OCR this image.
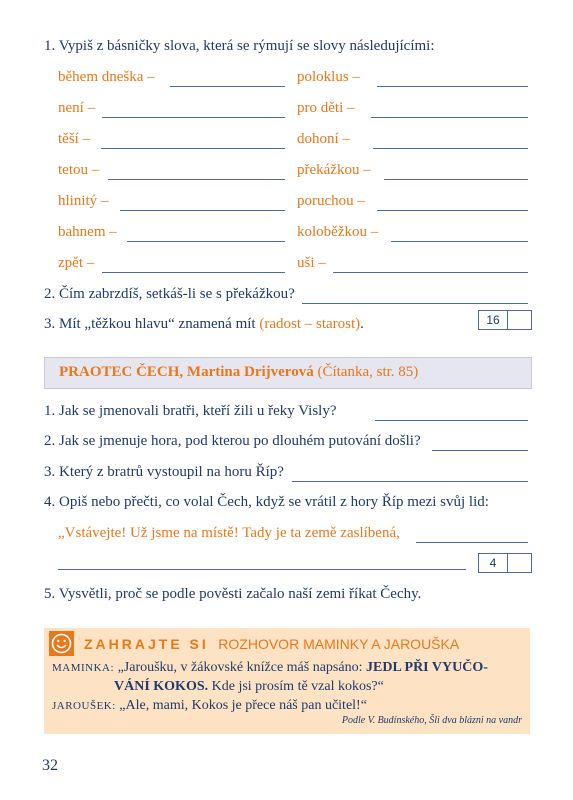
1. Vypiš z básničky slova, která se rýmují se slovy následujícími:
během dneška –
není –
těší –
tetou –
hlinitý –
bahnem –
zpět –
poloklus –
pro děti –
dohoní –
překážkou –
poruchou –
koloběžkou –
uši –
2. Čím zabrzdíš, setkáš-li se s překážkou?
3. Mít „těžkou hlavu“ znamená mít (radost – starost).	16
PRAOTEC ČECH, Martina Drijverová (Čítanka, str. 85)
1. Jak se jmenovali bratři, kteří žili u řeky Visly?
2. Jak se jmenuje hora, pod kterou po dlouhém putování došli?
3. Který z bratrů vystoupil na horu Říp?
4. Opiš nebo přečti, co volal Čech, když se vrátil z hory Říp mezi svůj lid:
„Vstávejte! Už jsme na místě! Tady je ta země zaslíbená,
4
5. Vysvětli, proč se podle pověsti začalo naší zemi říkat Čechy.
ZAHRAJTE SI ROZHOVOR MAMINKY A JAROUŠKA
MAMINKA: „Jaroušku, v žákovské knížce máš napsáno: JEDL PŘI VYUČO-
VÁNÍ KOKOS. Kde jsi prosím tě vzal kokos?“
JAROUŠEK: „Ale, mami, Kokos je přece náš pan učitel!“
Podle V. Budínského, Šli dva blázni na vandr
32
